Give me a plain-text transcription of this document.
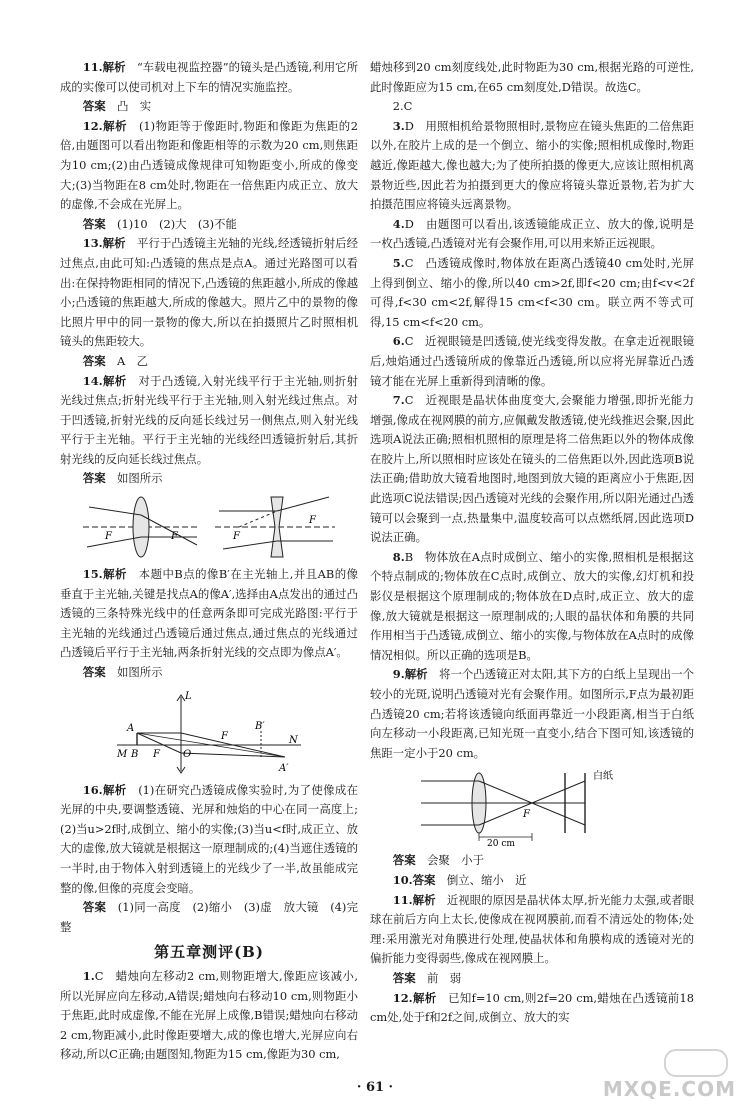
11.解析　 “车载电视监控器”的镜头是凸透镜,利用它所成的实像可以使司机对上下车的情况实施监控。

答案　 凸　实

12.解析　 (1)物距等于像距时,物距和像距为焦距的2倍,由题图可以看出物距和像距相等的示数为20 cm,则焦距为10 cm;(2)由凸透镜成像规律可知物距变小,所成的像变大;(3)当物距在8 cm处时,物距在一倍焦距内成正立、放大的虚像,不会成在光屏上。

答案　 (1)10　(2)大　(3)不能

13.解析　 平行于凸透镜主光轴的光线,经透镜折射后经过焦点,由此可知:凸透镜的焦点是点A。通过光路图可以看出:在保持物距相同的情况下,凸透镜的焦距越小,所成的像越小;凸透镜的焦距越大,所成的像越大。照片乙中的景物的像比照片甲中的同一景物的像大,所以在拍摄照片乙时照相机镜头的焦距较大。

答案　 A　乙

14.解析　 对于凸透镜,入射光线平行于主光轴,则折射光线过焦点;折射光线平行于主光轴,则入射光线过焦点。对于凹透镜,折射光线的反向延长线过另一侧焦点,则入射光线平行于主光轴。平行于主光轴的光线经凹透镜折射后,其折射光线的反向延长线过焦点。

答案　 如图所示

F	F	F
F

15.解析　 本题中B点的像B′在主光轴上,并且AB的像垂直于主光轴,关键是找点A的像A′,选择由A点发出的通过凸透镜的三条特殊光线中的任意两条即可完成光路图:平行于主光轴的光线通过凸透镜后通过焦点,通过焦点的光线通过凸透镜后平行于主光轴,两条折射光线的交点即为像点A′。

答案　 如图所示

L
A
B
M	F O
F
B′
N
A′

16.解析　 (1)在研究凸透镜成像实验时,为了使像成在光屏的中央,要调整透镜、光屏和烛焰的中心在同一高度上;(2)当u>2f时,成倒立、缩小的实像;(3)当u<f时,成正立、放大的虚像,放大镜就是根据这一原理制成的;(4)当遮住透镜的一半时,由于物体入射到透镜上的光线少了一半,故虽能成完整的像,但像的亮度会变暗。

答案　 (1)同一高度　(2)缩小　(3)虚　放大镜　(4)完整

第五章测评(B)

1.C　蜡烛向左移动2 cm,则物距增大,像距应该减小,所以光屏应向左移动,A错误;蜡烛向右移动10 cm,则物距小于焦距,此时成虚像,不能在光屏上成像,B错误;蜡烛向右移动2 cm,物距减小,此时像距要增大,成的像也增大,光屏应向右移动,所以C正确;由题图知,物距为15 cm,像距为30 cm,

蜡烛移到20 cm刻度线处,此时物距为30 cm,根据光路的可逆性,此时像距应为15 cm,在65 cm刻度处,D错误。故选C。

2.C

3.D　用照相机给景物照相时,景物应在镜头焦距的二倍焦距以外,在胶片上成的是一个倒立、缩小的实像;照相机成像时,物距越近,像距越大,像也越大;为了使所拍摄的像更大,应该让照相机离景物近些,因此若为拍摄到更大的像应将镜头靠近景物,若为扩大拍摄范围应将镜头远离景物。

4.D　由题图可以看出,该透镜能成正立、放大的像,说明是一枚凸透镜,凸透镜对光有会聚作用,可以用来矫正远视眼。

5.C　凸透镜成像时,物体放在距离凸透镜40 cm处时,光屏上得到倒立、缩小的像,所以40 cm>2f,即f<20 cm;由f<v<2f可得,f<30 cm<2f,解得15 cm<f<30 cm。联立两不等式可得,15 cm<f<20 cm。

6.C　近视眼镜是凹透镜,使光线变得发散。在拿走近视眼镜后,烛焰通过凸透镜所成的像靠近凸透镜,所以应将光屏靠近凸透镜才能在光屏上重新得到清晰的像。

7.C　近视眼是晶状体曲度变大,会聚能力增强,即折光能力增强,像成在视网膜的前方,应佩戴发散透镜,使光线推迟会聚,因此选项A说法正确;照相机照相的原理是将二倍焦距以外的物体成像在胶片上,所以照相时应该处在镜头的二倍焦距以外,因此选项B说法正确;借助放大镜看地图时,地图到放大镜的距离应小于焦距,因此选项C说法错误;因凸透镜对光线的会聚作用,所以阳光通过凸透镜可以会聚到一点,热量集中,温度较高可以点燃纸屑,因此选项D说法正确。

8.B　物体放在A点时成倒立、缩小的实像,照相机是根据这个特点制成的;物体放在C点时,成倒立、放大的实像,幻灯机和投影仪是根据这个原理制成的;物体放在D点时,成正立、放大的虚像,放大镜就是根据这一原理制成的;人眼的晶状体和角膜的共同作用相当于凸透镜,成倒立、缩小的实像,与物体放在A点时的成像情况相似。所以正确的选项是B。

9.解析　 将一个凸透镜正对太阳,其下方的白纸上呈现出一个较小的光斑,说明凸透镜对光有会聚作用。如图所示,F点为最初距凸透镜20 cm;若将该透镜向纸面再靠近一小段距离,相当于白纸向左移动一小段距离,已知光斑一直变小,结合下图可知,该透镜的焦距一定小于20 cm。

白纸
F
20 cm

答案　 会聚　小于

10.答案　 倒立、缩小　近

11.解析　 近视眼的原因是晶状体太厚,折光能力太强,或者眼球在前后方向上太长,使像成在视网膜前,而看不清远处的物体;处理:采用激光对角膜进行处理,使晶状体和角膜构成的透镜对光的偏折能力变得弱些,像成在视网膜上。

答案　 前　弱

12.解析　 已知f=10 cm,则2f=20 cm,蜡烛在凸透镜前18 cm处,处于f和2f之间,成倒立、放大的实

· 61 ·	MXQE.COM
